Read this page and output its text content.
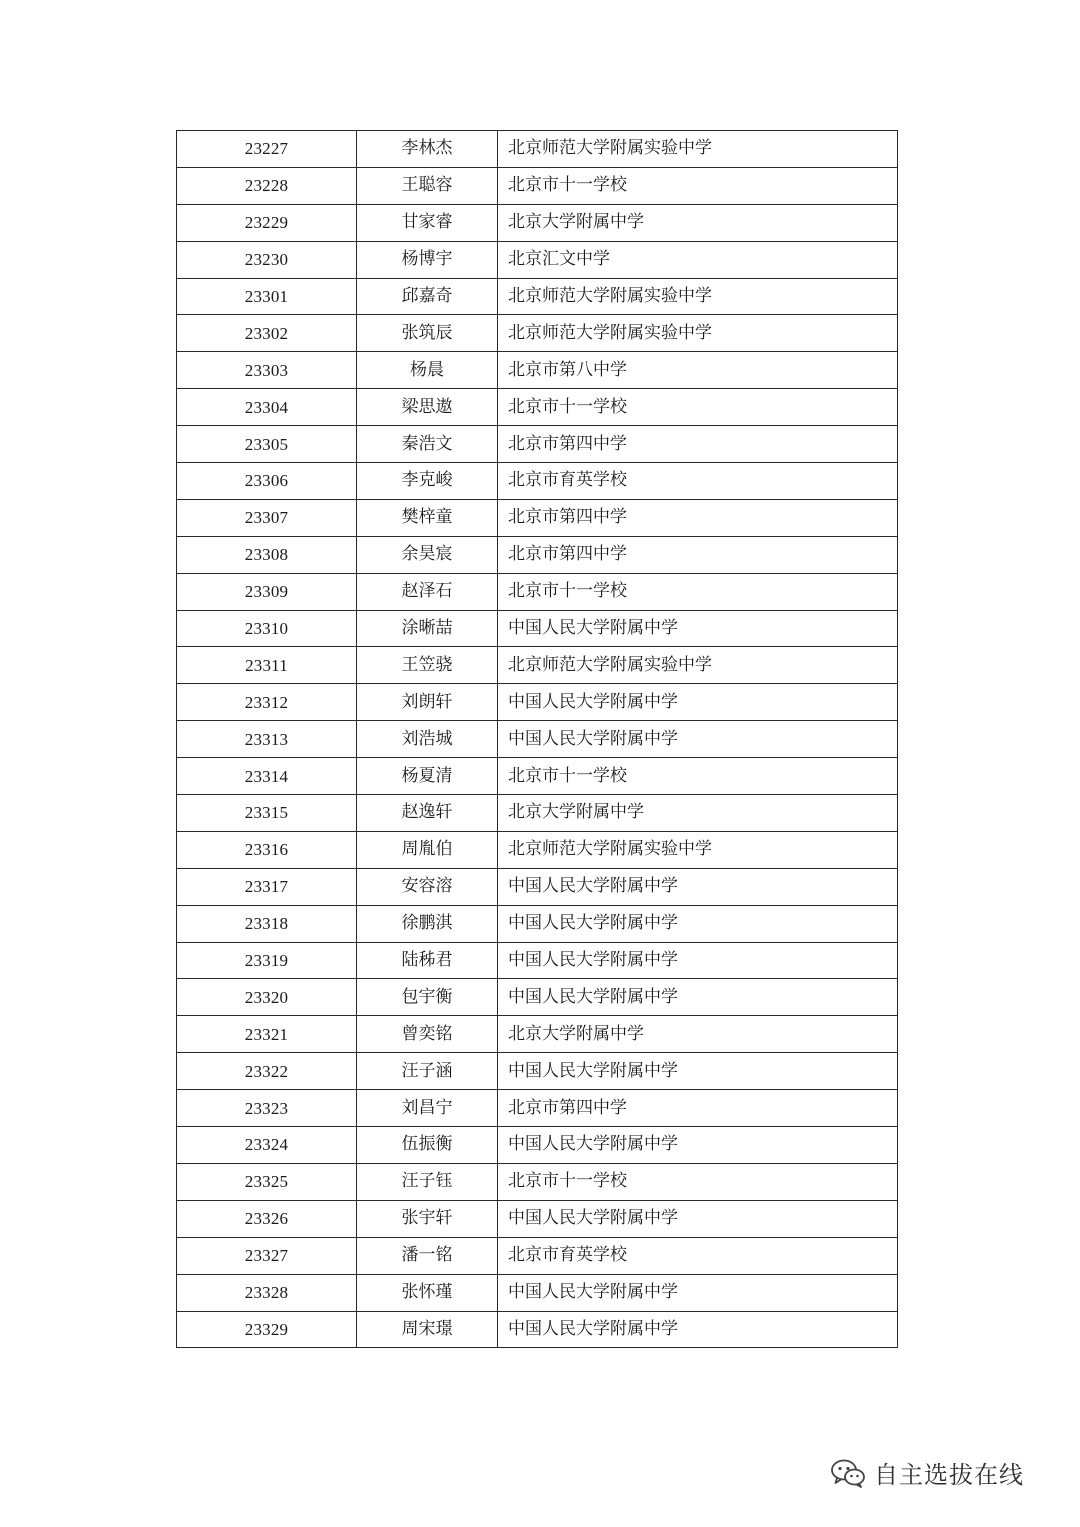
23227	李林杰	北京师范大学附属实验中学
23228	王聪容	北京市十一学校
23229	甘家睿	北京大学附属中学
23230	杨博宇	北京汇文中学
23301	邱嘉奇	北京师范大学附属实验中学
23302	张筑辰	北京师范大学附属实验中学
23303	杨晨	北京市第八中学
23304	梁思遨	北京市十一学校
23305	秦浩文	北京市第四中学
23306	李克峻	北京市育英学校
23307	樊梓童	北京市第四中学
23308	余昊宸	北京市第四中学
23309	赵泽石	北京市十一学校
23310	涂晰喆	中国人民大学附属中学
23311	王笠骁	北京师范大学附属实验中学
23312	刘朗轩	中国人民大学附属中学
23313	刘浩城	中国人民大学附属中学
23314	杨夏清	北京市十一学校
23315	赵逸轩	北京大学附属中学
23316	周胤伯	北京师范大学附属实验中学
23317	安容溶	中国人民大学附属中学
23318	徐鹏淇	中国人民大学附属中学
23319	陆秭君	中国人民大学附属中学
23320	包宇衡	中国人民大学附属中学
23321	曾奕铭	北京大学附属中学
23322	汪子涵	中国人民大学附属中学
23323	刘昌宁	北京市第四中学
23324	伍振衡	中国人民大学附属中学
23325	汪子钰	北京市十一学校
23326	张宇轩	中国人民大学附属中学
23327	潘一铭	北京市育英学校
23328	张怀瑾	中国人民大学附属中学
23329	周宋璟	中国人民大学附属中学
自主选拔在线
